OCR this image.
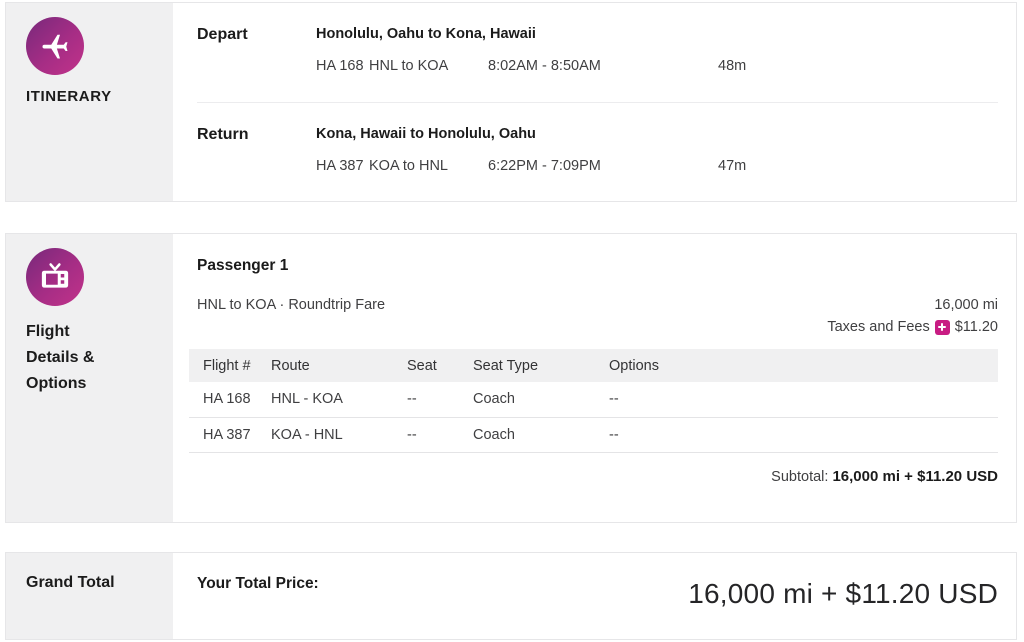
ITINERARY
Depart	Honolulu, Oahu to Kona, Hawaii
HA 168 HNL to KOA	8:02AM - 8:50AM	48m
Return	Kona, Hawaii to Honolulu, Oahu
HA 387 KOA to HNL	6:22PM - 7:09PM	47m
Flight
Details &
Options
Passenger 1
HNL to KOA · Roundtrip Fare	16,000 mi
Taxes and Fees $11.20
Flight #	Route	Seat	Seat Type	Options
HA 168	HNL - KOA	--	Coach	--
HA 387	KOA - HNL	--	Coach	--
Subtotal: 16,000 mi + $11.20 USD
Grand Total	Your Total Price:	16,000 mi + $11.20 USD
